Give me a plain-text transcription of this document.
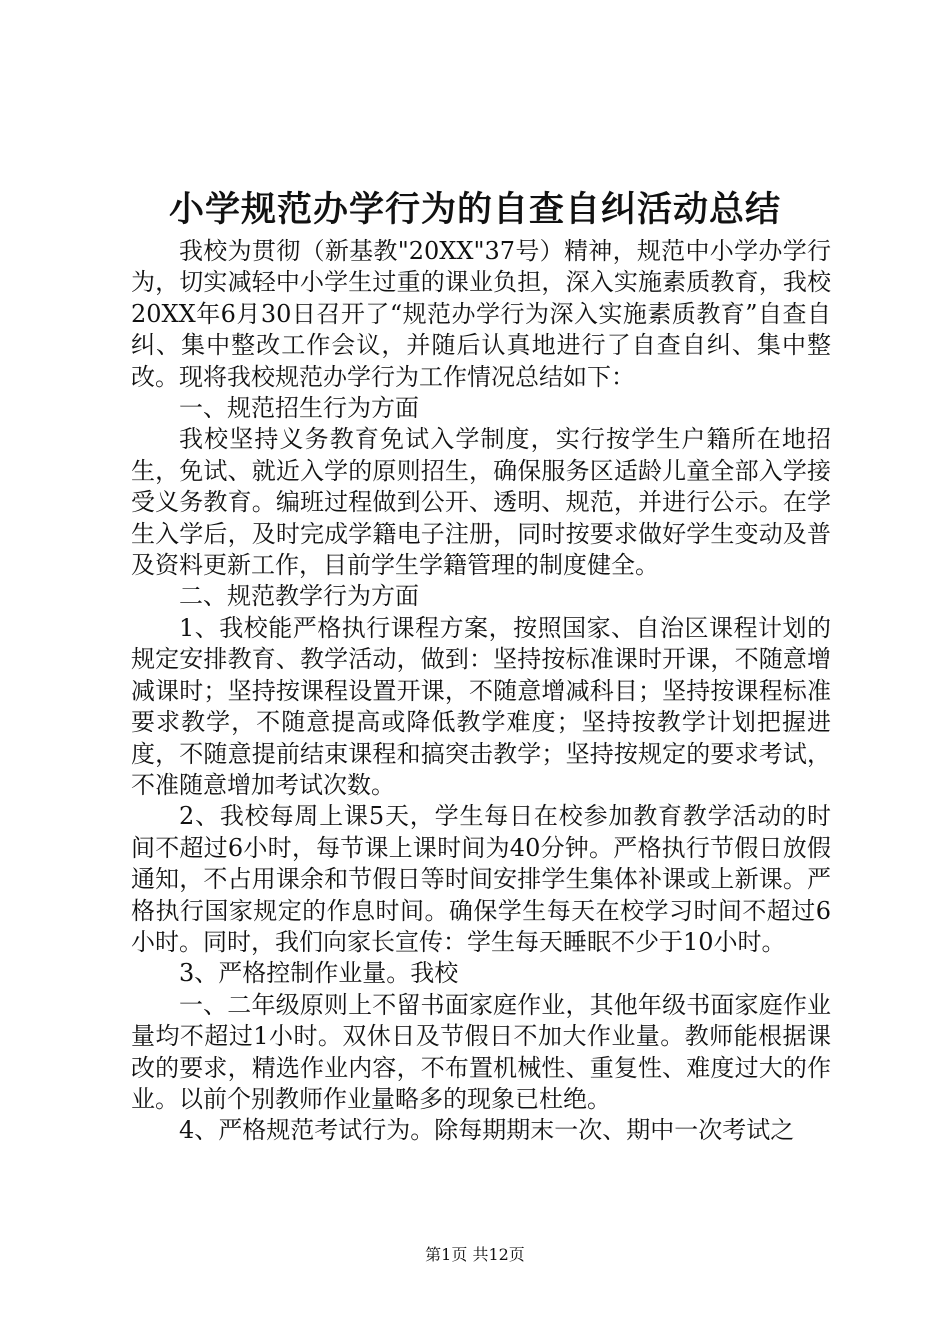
小学规范办学行为的自查自纠活动总结

我校为贯彻（新基教"20XX"37号）精神，规范中小学办学行为，切实减轻中小学生过重的课业负担，深入实施素质教育，我校20XX年6月30日召开了“规范办学行为深入实施素质教育”自查自纠、集中整改工作会议，并随后认真地进行了自查自纠、集中整改。现将我校规范办学行为工作情况总结如下：

一、规范招生行为方面

我校坚持义务教育免试入学制度，实行按学生户籍所在地招生，免试、就近入学的原则招生，确保服务区适龄儿童全部入学接受义务教育。编班过程做到公开、透明、规范，并进行公示。在学生入学后，及时完成学籍电子注册，同时按要求做好学生变动及普及资料更新工作，目前学生学籍管理的制度健全。

二、规范教学行为方面

1、我校能严格执行课程方案，按照国家、自治区课程计划的规定安排教育、教学活动，做到：坚持按标准课时开课，不随意增减课时；坚持按课程设置开课，不随意增减科目；坚持按课程标准要求教学，不随意提高或降低教学难度；坚持按教学计划把握进度，不随意提前结束课程和搞突击教学；坚持按规定的要求考试，不准随意增加考试次数。

2、我校每周上课5天，学生每日在校参加教育教学活动的时间不超过6小时，每节课上课时间为40分钟。严格执行节假日放假通知，不占用课余和节假日等时间安排学生集体补课或上新课。严格执行国家规定的作息时间。确保学生每天在校学习时间不超过6小时。同时，我们向家长宣传：学生每天睡眠不少于10小时。

3、严格控制作业量。我校

一、二年级原则上不留书面家庭作业，其他年级书面家庭作业量均不超过1小时。双休日及节假日不加大作业量。教师能根据课改的要求，精选作业内容，不布置机械性、重复性、难度过大的作业。以前个别教师作业量略多的现象已杜绝。

4、严格规范考试行为。除每期期末一次、期中一次考试之

第1页 共12页
